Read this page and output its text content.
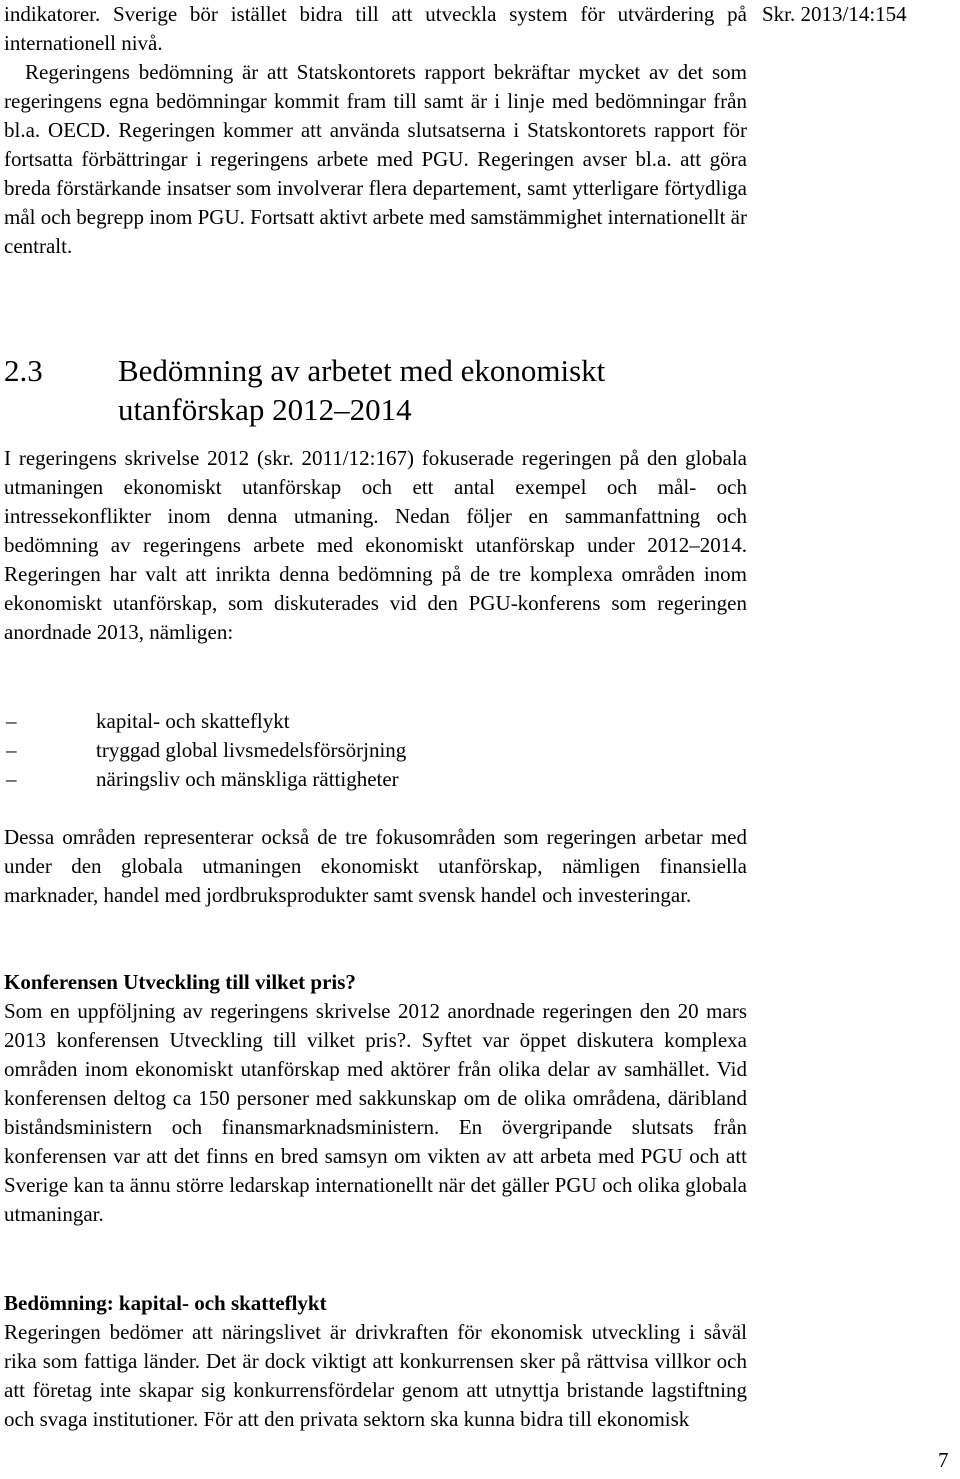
Skr. 2013/14:154

indikatorer. Sverige bör istället bidra till att utveckla system för utvärdering på internationell nivå.

Regeringens bedömning är att Statskontorets rapport bekräftar mycket av det som regeringens egna bedömningar kommit fram till samt är i linje med bedömningar från bl.a. OECD. Regeringen kommer att använda slutsatserna i Statskontorets rapport för fortsatta förbättringar i regeringens arbete med PGU. Regeringen avser bl.a. att göra breda förstärkande insatser som involverar flera departement, samt ytterligare förtydliga mål och begrepp inom PGU. Fortsatt aktivt arbete med samstämmighet internationellt är centralt.

2.3	Bedömning av arbetet med ekonomiskt
utanförskap 2012–2014

I regeringens skrivelse 2012 (skr. 2011/12:167) fokuserade regeringen på den globala utmaningen ekonomiskt utanförskap och ett antal exempel och mål- och intressekonflikter inom denna utmaning. Nedan följer en sammanfattning och bedömning av regeringens arbete med ekonomiskt utanförskap under 2012–2014. Regeringen har valt att inrikta denna bedömning på de tre komplexa områden inom ekonomiskt utanförskap, som diskuterades vid den PGU-konferens som regeringen anordnade 2013, nämligen:

–	kapital- och skatteflykt
–	tryggad global livsmedelsförsörjning
–	näringsliv och mänskliga rättigheter

Dessa områden representerar också de tre fokusområden som regeringen arbetar med under den globala utmaningen ekonomiskt utanförskap, nämligen finansiella marknader, handel med jordbruksprodukter samt svensk handel och investeringar.

Konferensen Utveckling till vilket pris?

Som en uppföljning av regeringens skrivelse 2012 anordnade regeringen den 20 mars 2013 konferensen Utveckling till vilket pris?. Syftet var öppet diskutera komplexa områden inom ekonomiskt utanförskap med aktörer från olika delar av samhället. Vid konferensen deltog ca 150 personer med sakkunskap om de olika områdena, däribland biståndsministern och finansmarknadsministern. En övergripande slutsats från konferensen var att det finns en bred samsyn om vikten av att arbeta med PGU och att Sverige kan ta ännu större ledarskap internationellt när det gäller PGU och olika globala utmaningar.

Bedömning: kapital- och skatteflykt

Regeringen bedömer att näringslivet är drivkraften för ekonomisk utveckling i såväl rika som fattiga länder. Det är dock viktigt att konkurrensen sker på rättvisa villkor och att företag inte skapar sig konkurrensfördelar genom att utnyttja bristande lagstiftning och svaga institutioner. För att den privata sektorn ska kunna bidra till ekonomisk

7
